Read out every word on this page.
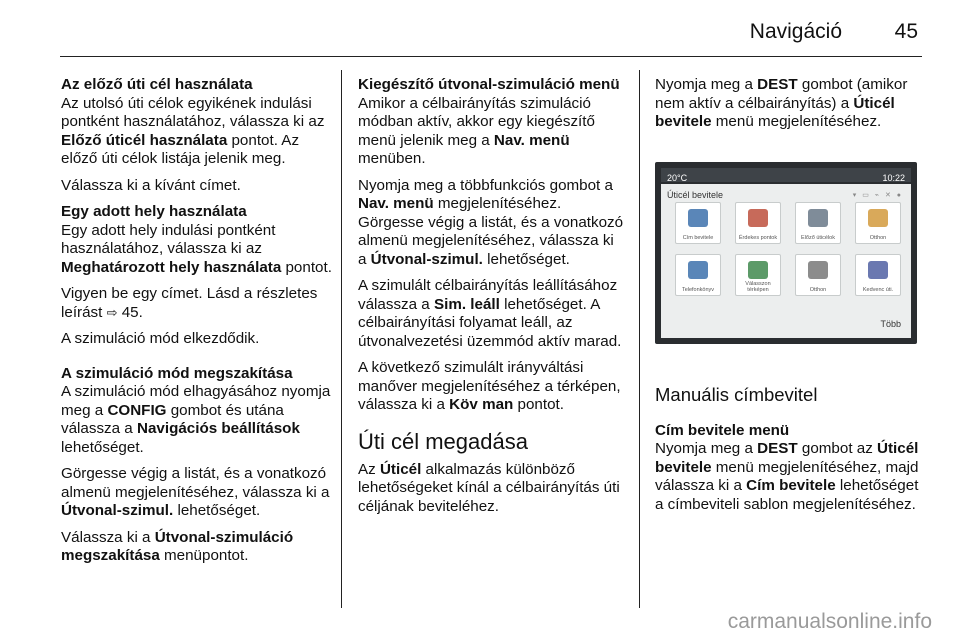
Navigáció	45
Az előző úti cél használata

Az utolsó úti célok egyikének indulási pontként használatához, válassza ki az Előző úticél használata pontot. Az előző úti célok listája jelenik meg.

Válassza ki a kívánt címet.

Egy adott hely használata

Egy adott hely indulási pontként használatához, válassza ki az Meghatározott hely használata pontot.

Vigyen be egy címet. Lásd a részletes leírást ⇨ 45.

A szimuláció mód elkezdődik.

A szimuláció mód megszakítása

A szimuláció mód elhagyásához nyomja meg a CONFIG gombot és utána válassza a Navigációs beállítások lehetőséget.

Görgesse végig a listát, és a vonatkozó almenü megjelenítéséhez, válassza ki a Útvonal-szimul. lehetőséget.

Válassza ki a Útvonal-szimuláció megszakítása menüpontot.

Kiegészítő útvonal-szimuláció menü

Amikor a célbairányítás szimuláció módban aktív, akkor egy kiegészítő menü jelenik meg a Nav. menü menüben.

Nyomja meg a többfunkciós gombot a Nav. menü megjelenítéséhez. Görgesse végig a listát, és a vonatkozó almenü megjelenítéséhez, válassza ki a Útvonal-szimul. lehetőséget.

A szimulált célbairányítás leállításához válassza a Sim. leáll lehetőséget. A célbairányítási folyamat leáll, az útvonalvezetési üzemmód aktív marad.

A következő szimulált irányváltási manőver megjelenítéséhez a térképen, válassza ki a Köv man pontot.

Úti cél megadása

Az Úticél alkalmazás különböző lehetőségeket kínál a célbairányítás úti céljának beviteléhez.

Nyomja meg a DEST gombot (amikor nem aktív a célbairányítás) a Úticél bevitele menü megjelenítéséhez.

20°C	10:22
Úticél bevitele	▾ ▭ ⌁ ✕ ●
Cím bevitele	Érdekes pontok	Előző úticélok	Otthon
Telefonkönyv
Válasszon térképen	Otthon	Kedvenc úti.
Több
Manuális címbevitel
Cím bevitele menü

Nyomja meg a DEST gombot az Úticél bevitele menü megjelenítéséhez, majd válassza ki a Cím bevitele lehetőséget a címbeviteli sablon megjelenítéséhez.

carmanualsonline.info
